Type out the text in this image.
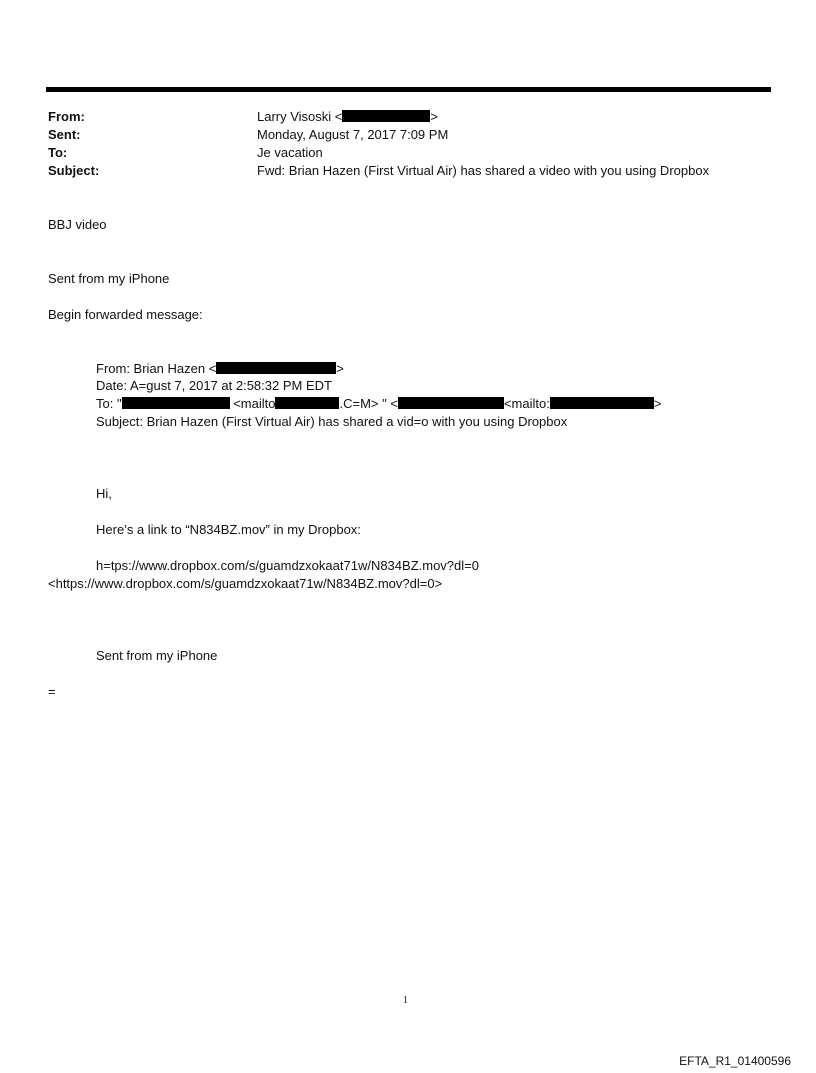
From:	Larry Visoski <	>
Sent:	Monday, August 7, 2017 7:09 PM
To:	Je vacation
Subject:	Fwd: Brian Hazen (First Virtual Air) has shared a video with you using Dropbox
BBJ video
Sent from my iPhone
Begin forwarded message:
From: Brian Hazen <	>
Date: A=gust 7, 2017 at 2:58:32 PM EDT
To: "	<mailto	.C=M> " <	<mailto:	>
Subject: Brian Hazen (First Virtual Air) has shared a vid=o with you using Dropbox
Hi,
Here’s a link to “N834BZ.mov” in my Dropbox:
h=tps://www.dropbox.com/s/guamdzxokaat71w/N834BZ.mov?dl=0
<https://www.dropbox.com/s/guamdzxokaat71w/N834BZ.mov?dl=0>
Sent from my iPhone
=
1
EFTA_R1_01400596
